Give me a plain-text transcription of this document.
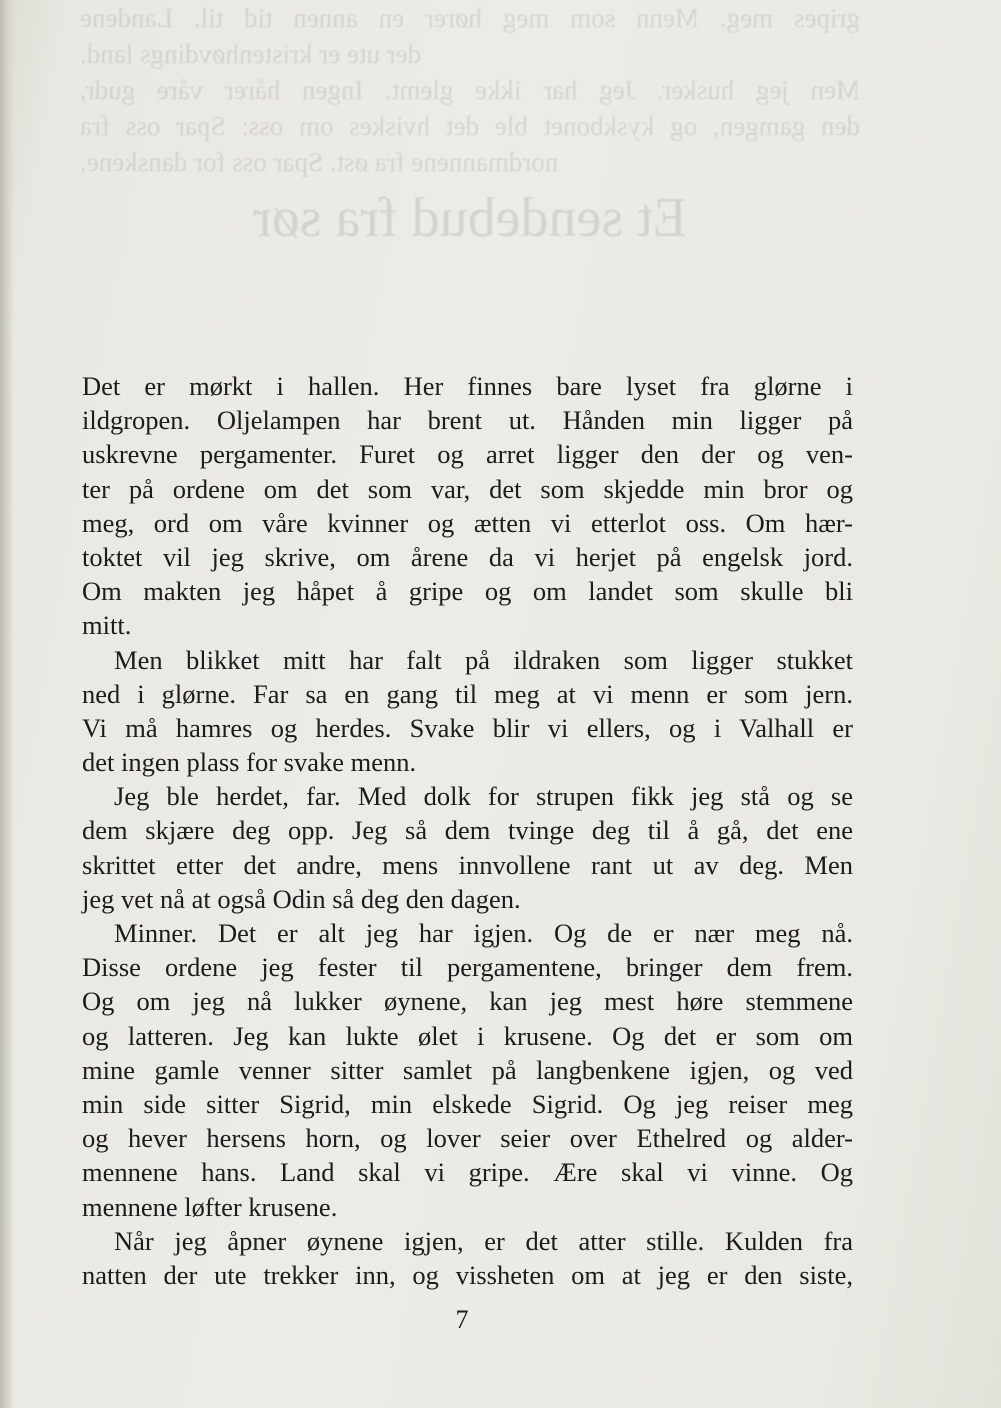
gripes meg. Menn som meg hører en annen tid til. Landene

der ute er kristenhøvdings land.

Men jeg husker. Jeg har ikke glemt. Ingen hårer våre gudr,

den gamgen, og kyskbonet ble det hviskes om oss: Spar oss fra

nordmannene fra øst. Spar oss for danskene.

Et sendebud fra sør

Det er mørkt i hallen. Her finnes bare lyset fra glørne i
ildgropen. Oljelampen har brent ut. Hånden min ligger på
uskrevne pergamenter. Furet og arret ligger den der og ven-
ter på ordene om det som var, det som skjedde min bror og
meg, ord om våre kvinner og ætten vi etterlot oss. Om hær-
toktet vil jeg skrive, om årene da vi herjet på engelsk jord.
Om makten jeg håpet å gripe og om landet som skulle bli
mitt.
Men blikket mitt har falt på ildraken som ligger stukket
ned i glørne. Far sa en gang til meg at vi menn er som jern.
Vi må hamres og herdes. Svake blir vi ellers, og i Valhall er
det ingen plass for svake menn.
Jeg ble herdet, far. Med dolk for strupen fikk jeg stå og se
dem skjære deg opp. Jeg så dem tvinge deg til å gå, det ene
skrittet etter det andre, mens innvollene rant ut av deg. Men
jeg vet nå at også Odin så deg den dagen.
Minner. Det er alt jeg har igjen. Og de er nær meg nå.
Disse ordene jeg fester til pergamentene, bringer dem frem.
Og om jeg nå lukker øynene, kan jeg mest høre stemmene
og latteren. Jeg kan lukte ølet i krusene. Og det er som om
mine gamle venner sitter samlet på langbenkene igjen, og ved
min side sitter Sigrid, min elskede Sigrid. Og jeg reiser meg
og hever hersens horn, og lover seier over Ethelred og alder-
mennene hans. Land skal vi gripe. Ære skal vi vinne. Og
mennene løfter krusene.
Når jeg åpner øynene igjen, er det atter stille. Kulden fra
natten der ute trekker inn, og vissheten om at jeg er den siste,
7
